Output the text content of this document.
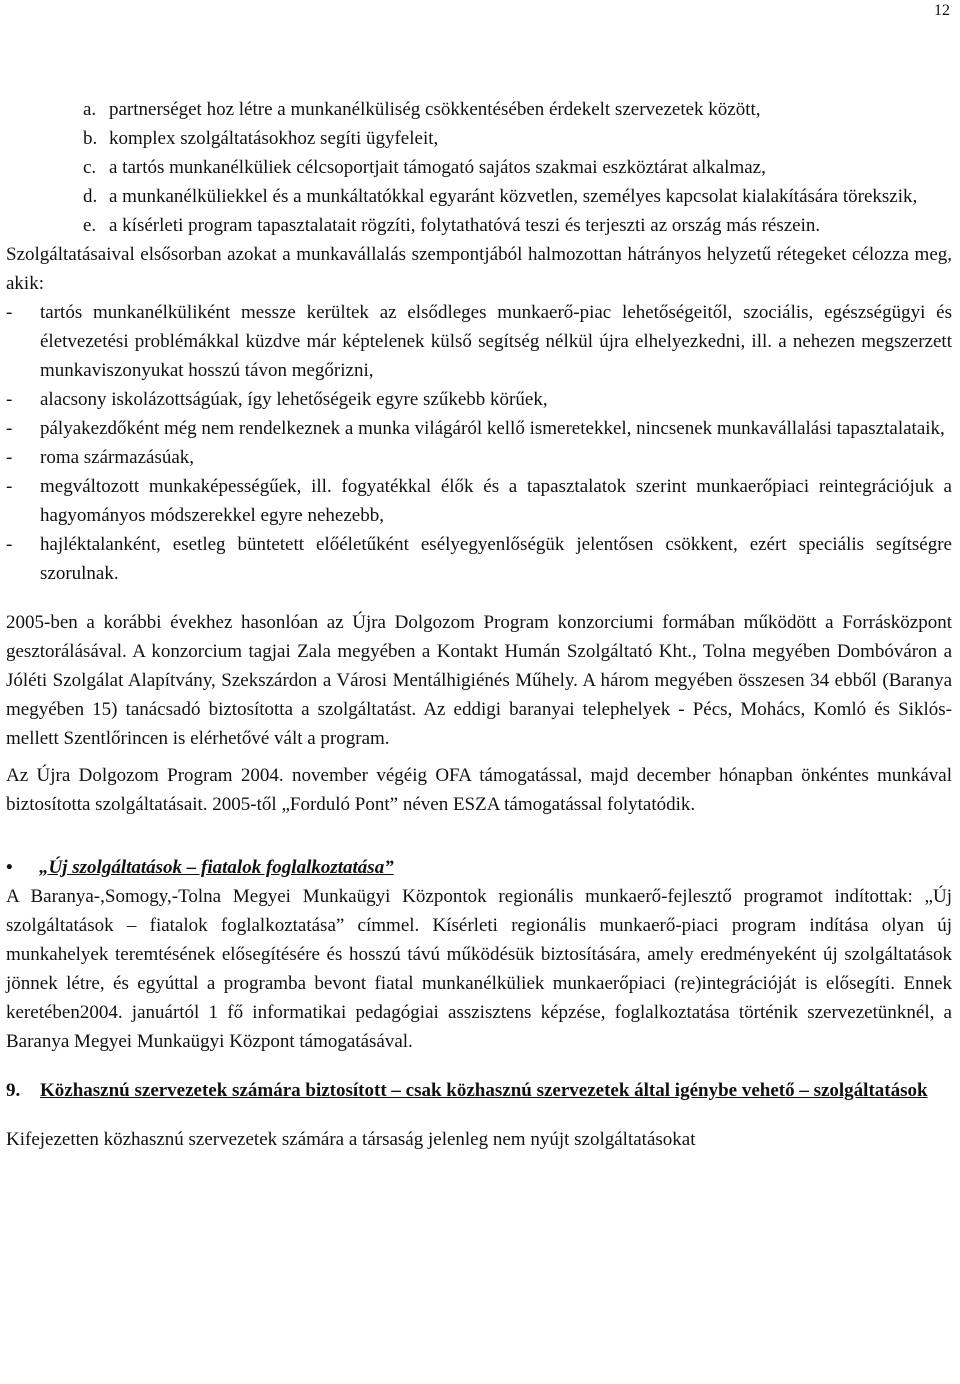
12
a. partnerséget hoz létre a munkanélküliség csökkentésében érdekelt szervezetek között,
b. komplex szolgáltatásokhoz segíti ügyfeleit,
c. a tartós munkanélküliek célcsoportjait támogató sajátos szakmai eszköztárat alkalmaz,
d. a munkanélküliekkel és a munkáltatókkal egyaránt közvetlen, személyes kapcsolat kialakítására törekszik,
e. a kísérleti program tapasztalatait rögzíti, folytathatóvá teszi és terjeszti az ország más részein.

Szolgáltatásaival elsősorban azokat a munkavállalás szempontjából halmozottan hátrányos helyzetű rétegeket célozza meg, akik:

- tartós munkanélküliként messze kerültek az elsődleges munkaerő-piac lehetőségeitől, szociális, egészségügyi és életvezetési problémákkal küzdve már képtelenek külső segítség nélkül újra elhelyezkedni, ill. a nehezen megszerzett munkaviszonyukat hosszú távon megőrizni,
- alacsony iskolázottságúak, így lehetőségeik egyre szűkebb körűek,
- pályakezdőként még nem rendelkeznek a munka világáról kellő ismeretekkel, nincsenek munkavállalási tapasztalataik,
- roma származásúak,
- megváltozott munkaképességűek, ill. fogyatékkal élők és a tapasztalatok szerint munkaerőpiaci reintegrációjuk a hagyományos módszerekkel egyre nehezebb,
- hajléktalanként, esetleg büntetett előéletűként esélyegyenlőségük jelentősen csökkent, ezért speciális segítségre szorulnak.

2005-ben a korábbi évekhez hasonlóan az Újra Dolgozom Program konzorciumi formában működött a Forrásközpont gesztorálásával. A konzorcium tagjai Zala megyében a Kontakt Humán Szolgáltató Kht., Tolna megyében Dombóváron a Jóléti Szolgálat Alapítvány, Szekszárdon a Városi Mentálhigiénés Műhely. A három megyében összesen 34 ebből (Baranya megyében 15) tanácsadó biztosította a szolgáltatást. Az eddigi baranyai telephelyek - Pécs, Mohács, Komló és Siklós- mellett Szentlőrincen is elérhetővé vált a program.

Az Újra Dolgozom Program 2004. november végéig OFA támogatással, majd december hónapban önkéntes munkával biztosította szolgáltatásait. 2005-től „Forduló Pont” néven ESZA támogatással folytatódik.

• „Új szolgáltatások – fiatalok foglalkoztatása”

A Baranya-,Somogy,-Tolna Megyei Munkaügyi Központok regionális munkaerő-fejlesztő programot indítottak: „Új szolgáltatások – fiatalok foglalkoztatása” címmel. Kísérleti regionális munkaerő-piaci program indítása olyan új munkahelyek teremtésének elősegítésére és hosszú távú működésük biztosítására, amely eredményeként új szolgáltatások jönnek létre, és egyúttal a programba bevont fiatal munkanélküliek munkaerőpiaci (re)integrációját is elősegíti. Ennek keretében2004. januártól 1 fő informatikai pedagógiai asszisztens képzése, foglalkoztatása történik szervezetünknél, a Baranya Megyei Munkaügyi Központ támogatásával.

9. Közhasznú szervezetek számára biztosított – csak közhasznú szervezetek által igénybe vehető – szolgáltatások

Kifejezetten közhasznú szervezetek számára a társaság jelenleg nem nyújt szolgáltatásokat
